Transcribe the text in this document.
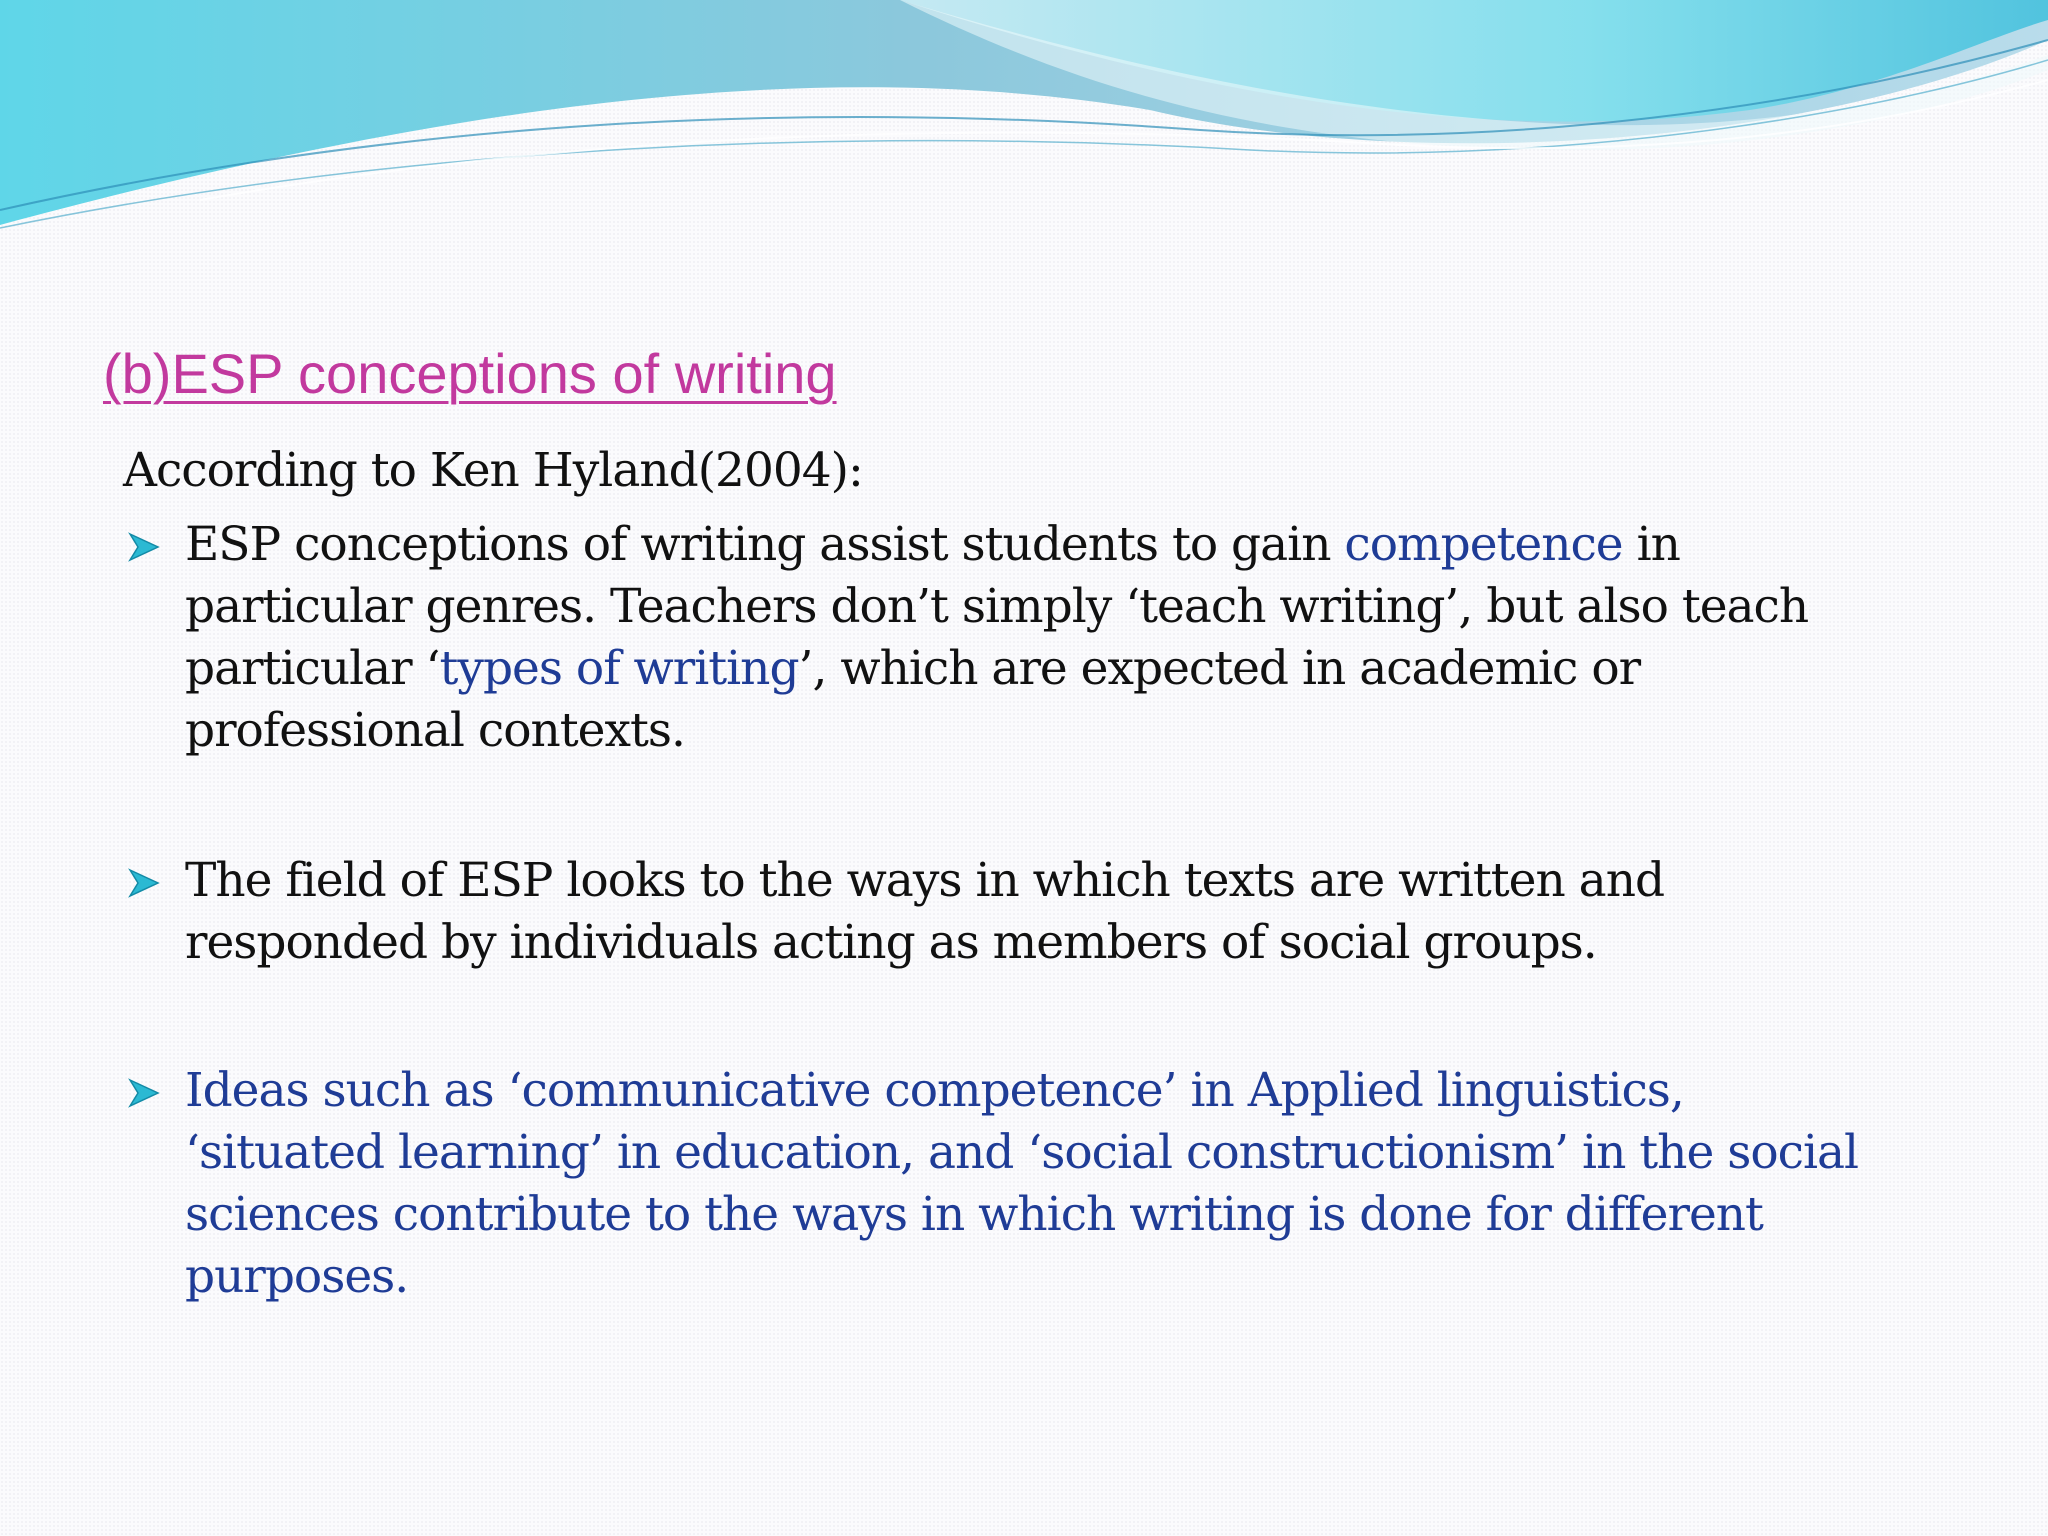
(b)ESP conceptions of writing

According to Ken Hyland(2004):

ESP conceptions of writing assist students to gain competence in particular genres. Teachers don’t simply ‘teach writing’, but also teach particular ‘types of writing’, which are expected in academic or professional contexts.
The field of ESP looks to the ways in which texts are written and responded by individuals acting as members of social groups.
Ideas such as ‘communicative competence’ in Applied linguistics, ‘situated learning’ in education, and ‘social constructionism’ in the social sciences contribute to the ways in which writing is done for different purposes.
